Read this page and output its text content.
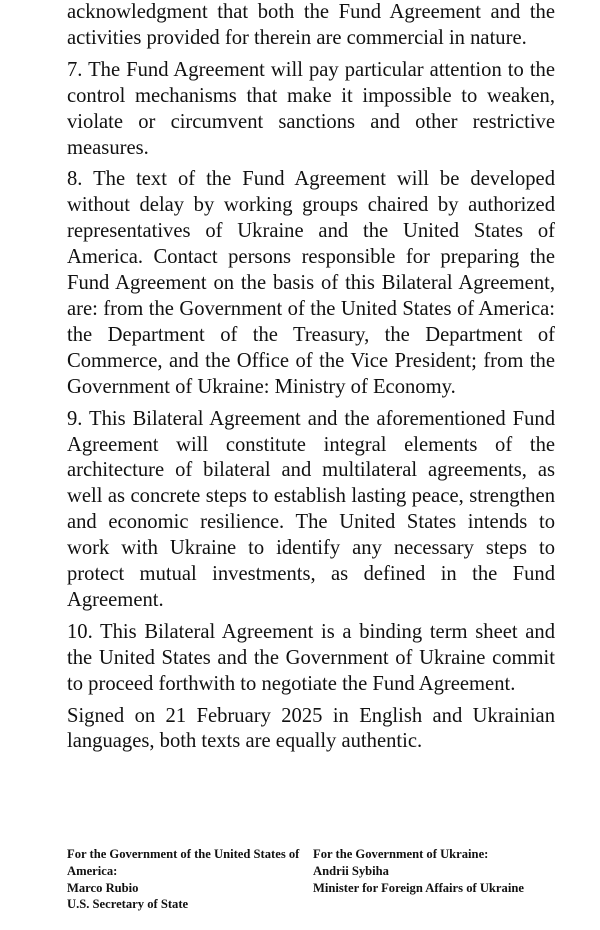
acknowledgment that both the Fund Agreement and the activities provided for therein are commercial in nature.

7. The Fund Agreement will pay particular attention to the control mechanisms that make it impossible to weaken, violate or circumvent sanctions and other restrictive measures.

8. The text of the Fund Agreement will be developed without delay by working groups chaired by authorized representatives of Ukraine and the United States of America. Contact persons responsible for preparing the Fund Agreement on the basis of this Bilateral Agreement, are: from the Government of the United States of America: the Department of the Treasury, the Department of Commerce, and the Office of the Vice President; from the Government of Ukraine: Ministry of Economy.

9. This Bilateral Agreement and the aforementioned Fund Agreement will constitute integral elements of the architecture of bilateral and multilateral agreements, as well as concrete steps to establish lasting peace, strengthen and economic resilience. The United States intends to work with Ukraine to identify any necessary steps to protect mutual investments, as defined in the Fund Agreement.

10. This Bilateral Agreement is a binding term sheet and the United States and the Government of Ukraine commit to proceed forthwith to negotiate the Fund Agreement.

Signed on 21 February 2025 in English and Ukrainian languages, both texts are equally authentic.

For the Government of the United States of America:
Marco Rubio
U.S. Secretary of State
For the Government of Ukraine:
Andrii Sybiha
Minister for Foreign Affairs of Ukraine
